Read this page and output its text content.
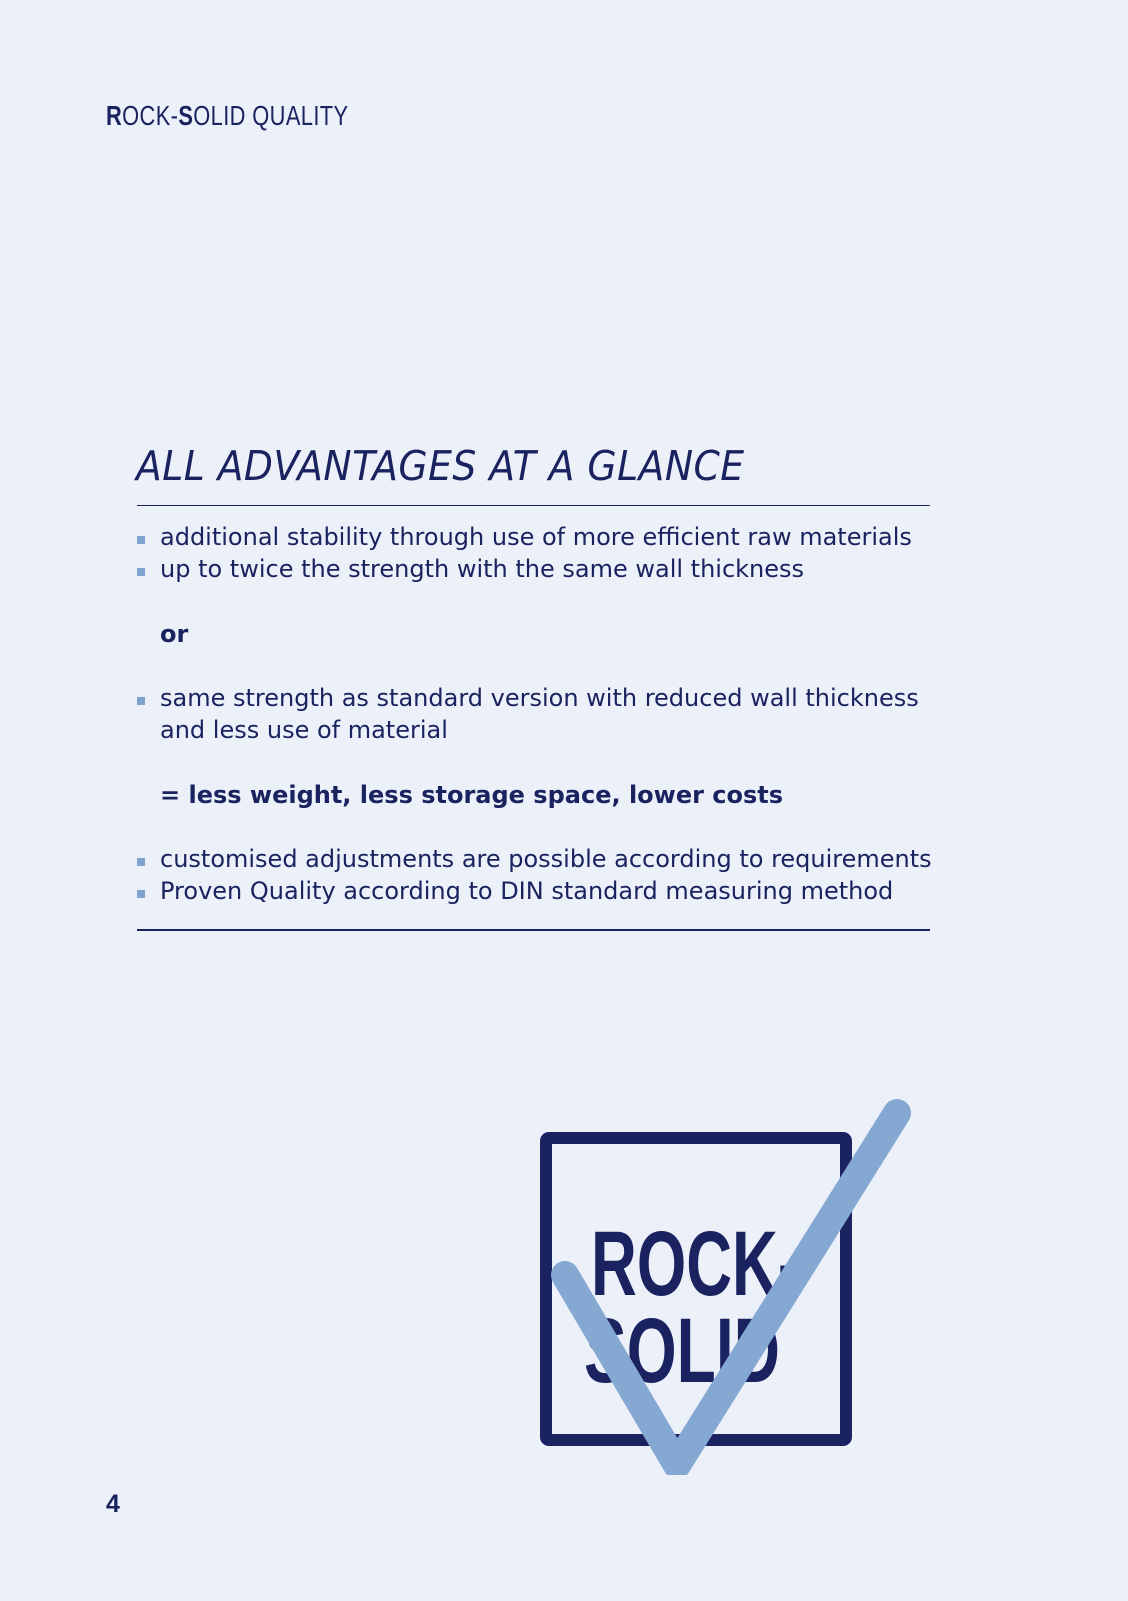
ROCK-SOLID QUALITY
ALL ADVANTAGES AT A GLANCE
additional stability through use of more efficient raw materials
up to twice the strength with the same wall thickness
or
same strength as standard version with reduced wall thickness
and less use of material
= less weight, less storage space, lower costs
customised adjustments are possible according to requirements
Proven Quality according to DIN standard measuring method
ROCK-
SOLID
4
